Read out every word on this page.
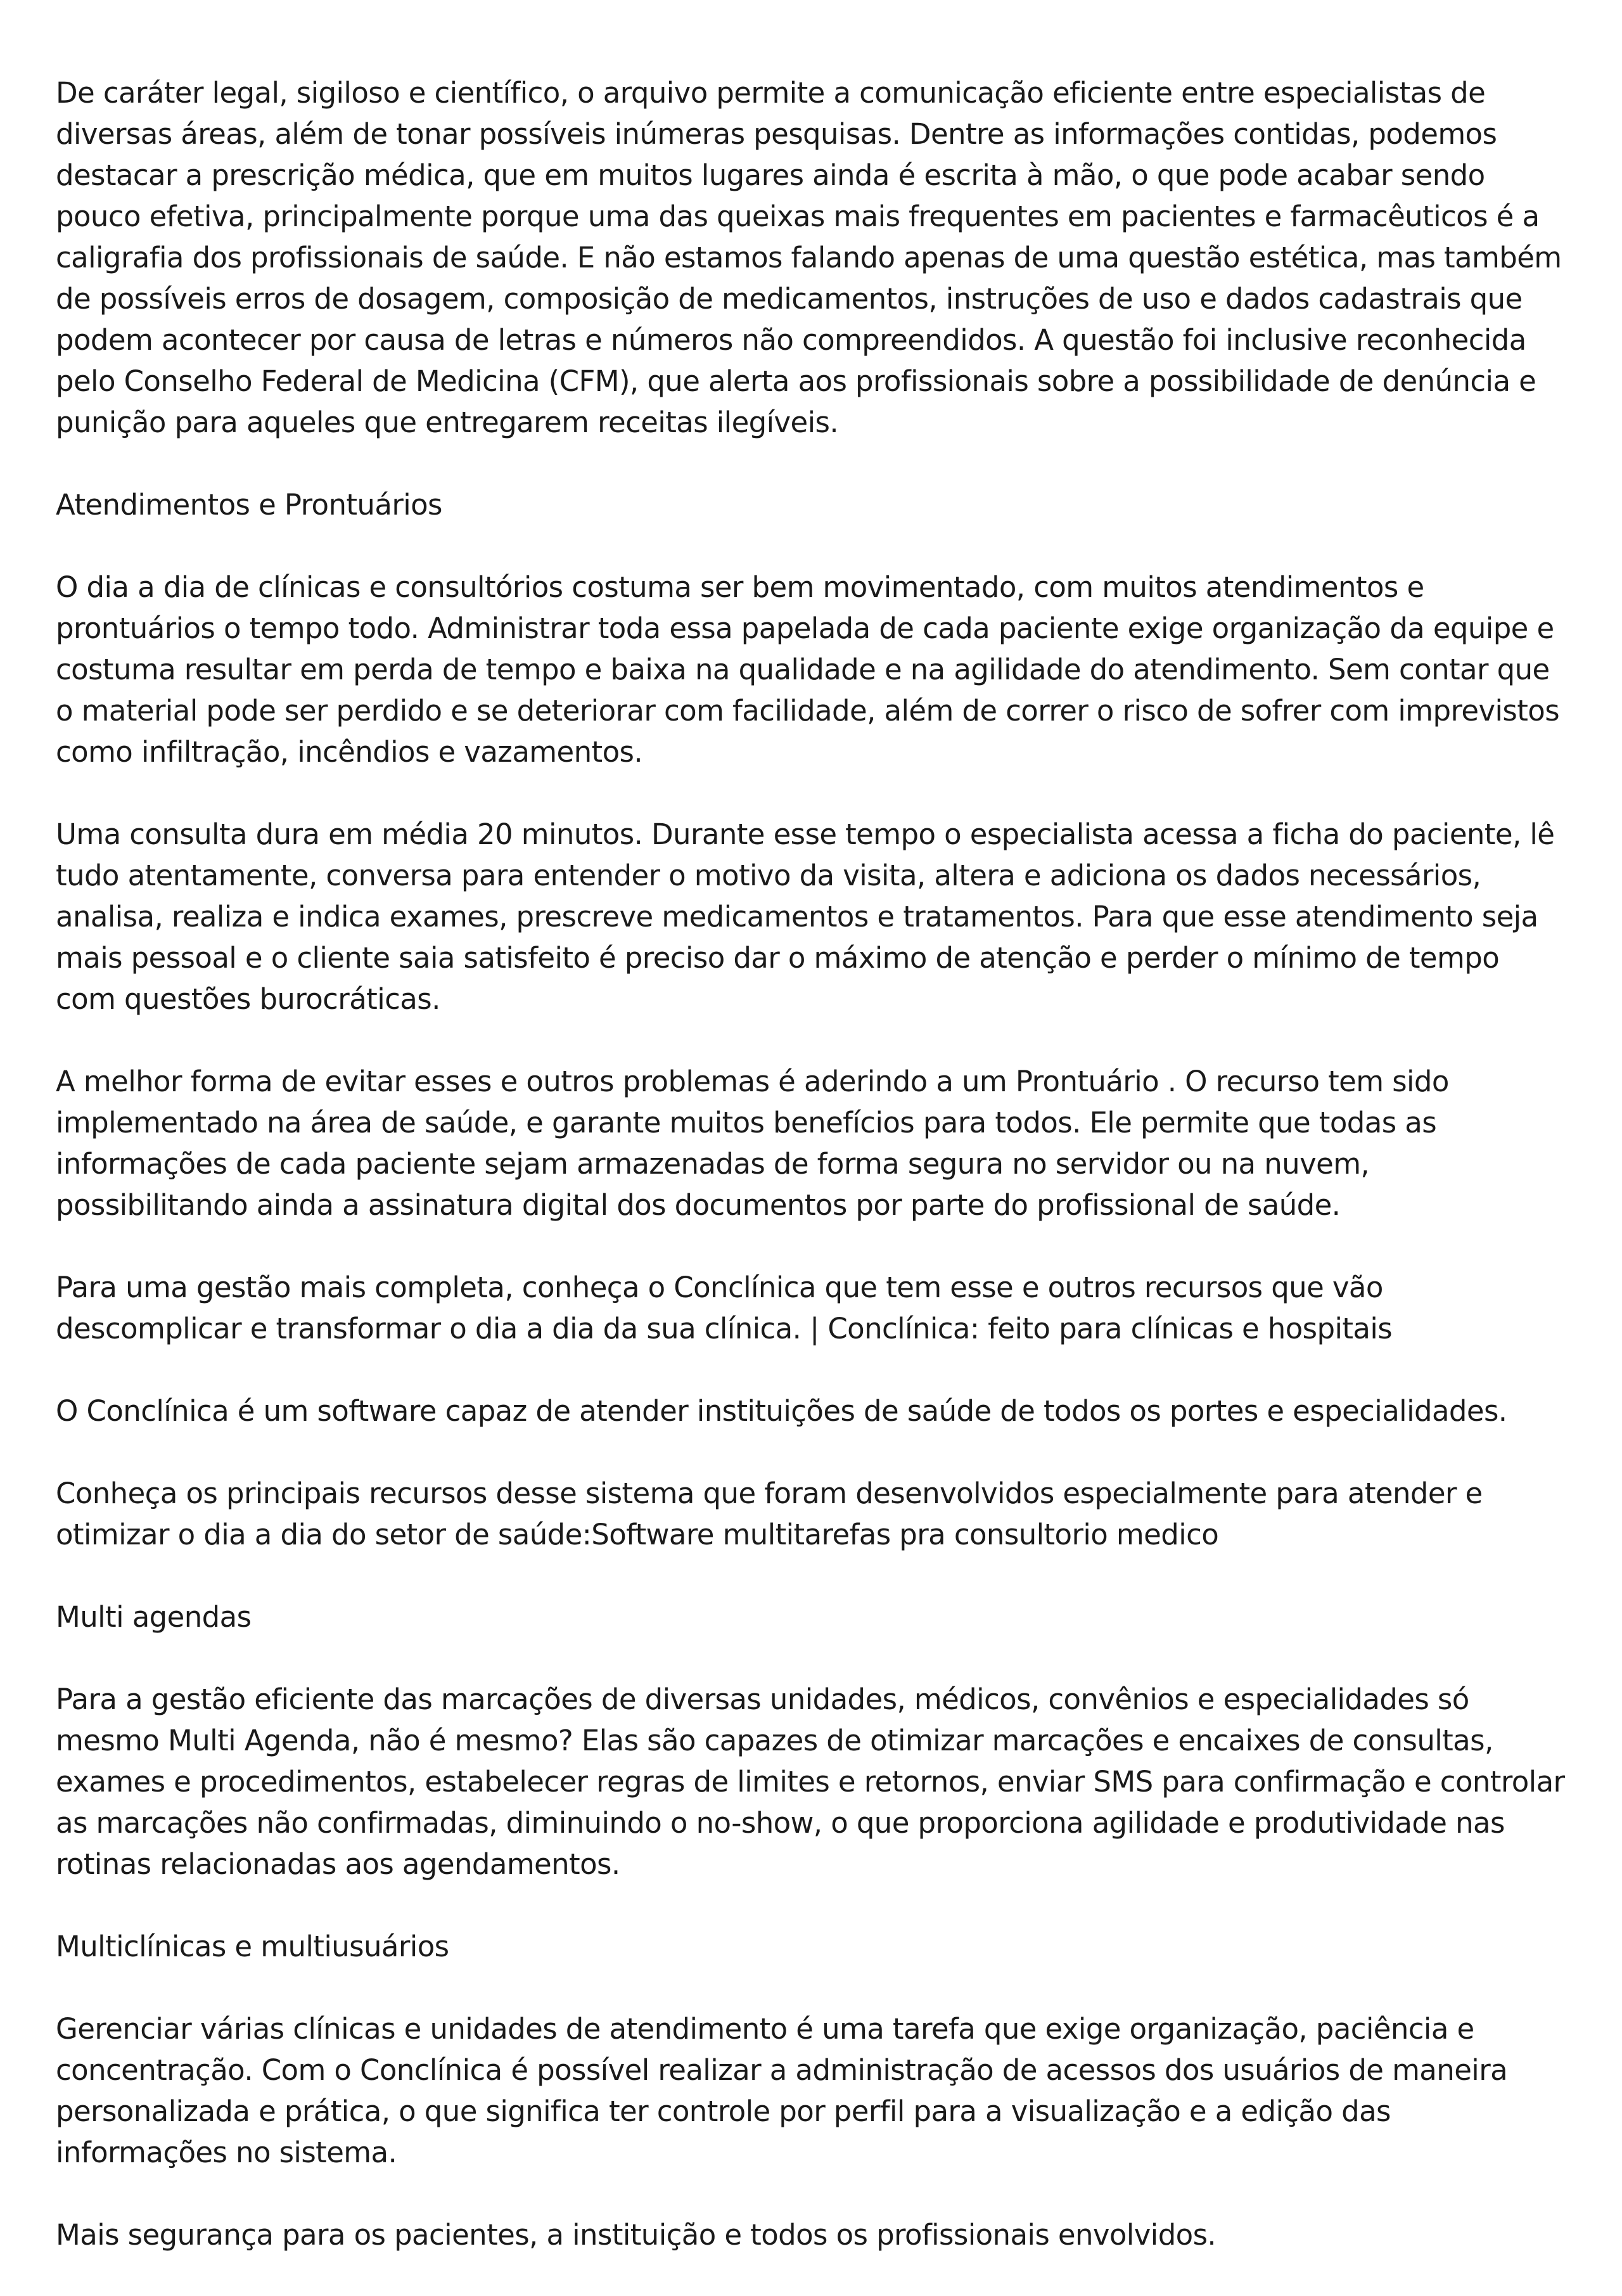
De caráter legal, sigiloso e científico, o arquivo permite a comunicação eficiente entre especialistas de diversas áreas, além de tonar possíveis inúmeras pesquisas. Dentre as informações contidas, podemos destacar a prescrição médica, que em muitos lugares ainda é escrita à mão, o que pode acabar sendo pouco efetiva, principalmente porque uma das queixas mais frequentes em pacientes e farmacêuticos é a caligrafia dos profissionais de saúde. E não estamos falando apenas de uma questão estética, mas também de possíveis erros de dosagem, composição de medicamentos, instruções de uso e dados cadastrais que podem acontecer por causa de letras e números não compreendidos. A questão foi inclusive reconhecida pelo Conselho Federal de Medicina (CFM), que alerta aos profissionais sobre a possibilidade de denúncia e punição para aqueles que entregarem receitas ilegíveis.

Atendimentos e Prontuários

O dia a dia de clínicas e consultórios costuma ser bem movimentado, com muitos atendimentos e prontuários o tempo todo. Administrar toda essa papelada de cada paciente exige organização da equipe e costuma resultar em perda de tempo e baixa na qualidade e na agilidade do atendimento. Sem contar que o material pode ser perdido e se deteriorar com facilidade, além de correr o risco de sofrer com imprevistos como infiltração, incêndios e vazamentos.

Uma consulta dura em média 20 minutos. Durante esse tempo o especialista acessa a ficha do paciente, lê tudo atentamente, conversa para entender o motivo da visita, altera e adiciona os dados necessários, analisa, realiza e indica exames, prescreve medicamentos e tratamentos. Para que esse atendimento seja mais pessoal e o cliente saia satisfeito é preciso dar o máximo de atenção e perder o mínimo de tempo com questões burocráticas.

A melhor forma de evitar esses e outros problemas é aderindo a um Prontuário . O recurso tem sido implementado na área de saúde, e garante muitos benefícios para todos. Ele permite que todas as informações de cada paciente sejam armazenadas de forma segura no servidor ou na nuvem, possibilitando ainda a assinatura digital dos documentos por parte do profissional de saúde.

Para uma gestão mais completa, conheça o Conclínica que tem esse e outros recursos que vão descomplicar e transformar o dia a dia da sua clínica. | Conclínica: feito para clínicas e hospitais

O Conclínica é um software capaz de atender instituições de saúde de todos os portes e especialidades.

Conheça os principais recursos desse sistema que foram desenvolvidos especialmente para atender e otimizar o dia a dia do setor de saúde:Software multitarefas pra consultorio medico

Multi agendas

Para a gestão eficiente das marcações de diversas unidades, médicos, convênios e especialidades só mesmo Multi Agenda, não é mesmo? Elas são capazes de otimizar marcações e encaixes de consultas, exames e procedimentos, estabelecer regras de limites e retornos, enviar SMS para confirmação e controlar as marcações não confirmadas, diminuindo o no-show, o que proporciona agilidade e produtividade nas rotinas relacionadas aos agendamentos.

Multiclínicas e multiusuários

Gerenciar várias clínicas e unidades de atendimento é uma tarefa que exige organização, paciência e concentração. Com o Conclínica é possível realizar a administração de acessos dos usuários de maneira personalizada e prática, o que significa ter controle por perfil para a visualização e a edição das informações no sistema.

Mais segurança para os pacientes, a instituição e todos os profissionais envolvidos.
